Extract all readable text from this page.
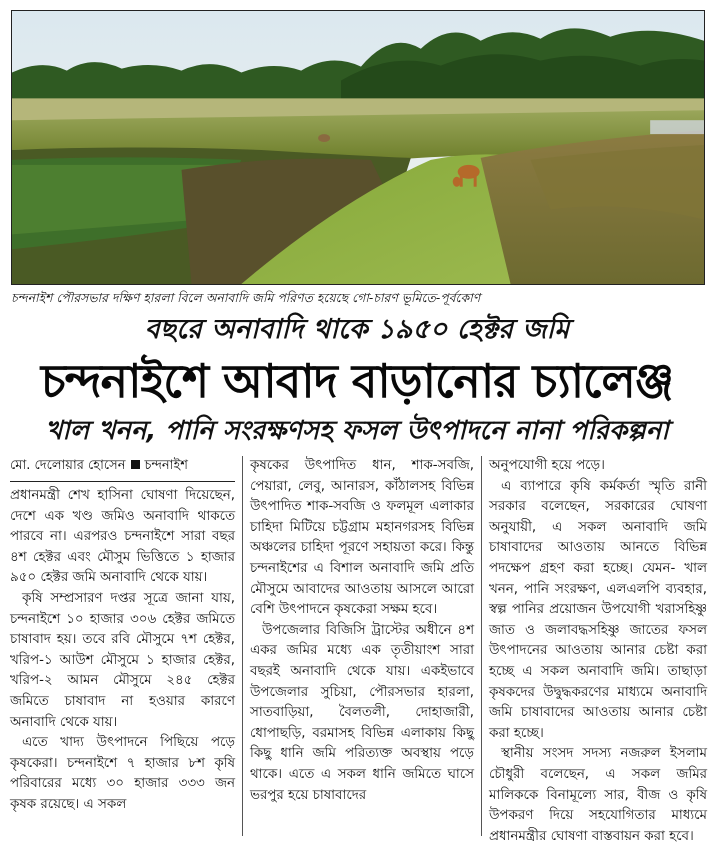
চন্দনাইশ পৌরসভার দক্ষিণ হারলা বিলে অনাবাদি জমি পরিণত হয়েছে গো-চারণ ভূমিতে-পূর্বকোণ
বছরে অনাবাদি থাকে ১৯৫০ হেক্টর জমি
চন্দনাইশে আবাদ বাড়ানোর চ্যালেঞ্জ
খাল খনন, পানি সংরক্ষণসহ ফসল উৎপাদনে নানা পরিকল্পনা
মো. দেলোয়ার হোসেন চন্দনাইশ

প্রধানমন্ত্রী শেখ হাসিনা ঘোষণা দিয়েছেন, দেশে এক খণ্ড জমিও অনাবাদি থাকতে পারবে না। এরপরও চন্দনাইশে সারা বছর ৪শ হেক্টর এবং মৌসুম ভিত্তিতে ১ হাজার ৯৫০ হেক্টর জমি অনাবাদি থেকে যায়।

কৃষি সম্প্রসারণ দপ্তর সূত্রে জানা যায়, চন্দনাইশে ১০ হাজার ৩০৬ হেক্টর জমিতে চাষাবাদ হয়। তবে রবি মৌসুমে ৭শ হেক্টর, খরিপ-১ আউশ মৌসুমে ১ হাজার হেক্টর, খরিপ-২ আমন মৌসুমে ২৪৫ হেক্টর জমিতে চাষাবাদ না হওয়ার কারণে অনাবাদি থেকে যায়।

এতে খাদ্য উৎপাদনে পিছিয়ে পড়ে কৃষকেরা। চন্দনাইশে ৭ হাজার ৮শ কৃষি পরিবারের মধ্যে ৩০ হাজার ৩৩৩ জন কৃষক রয়েছে। এ সকল

কৃষকের উৎপাদিত ধান, শাক-সবজি, পেয়ারা, লেবু, আনারস, কাঁঠালসহ বিভিন্ন উৎপাদিত শাক-সবজি ও ফলমূল এলাকার চাহিদা মিটিয়ে চট্টগ্রাম মহানগরসহ বিভিন্ন অঞ্চলের চাহিদা পূরণে সহায়তা করে। কিন্তু চন্দনাইশের এ বিশাল অনাবাদি জমি প্রতি মৌসুমে আবাদের আওতায় আসলে আরো বেশি উৎপাদনে কৃষকেরা সক্ষম হবে।

উপজেলার বিজিসি ট্রাস্টের অধীনে ৪শ একর জমির মধ্যে এক তৃতীয়াংশ সারা বছরই অনাবাদি থেকে যায়। একইভাবে উপজেলার সুচিয়া, পৌরসভার হারলা, সাতবাড়িয়া, বৈলতলী, দোহাজারী, ধোপাছড়ি, বরমাসহ বিভিন্ন এলাকায় কিছু কিছু ধানি জমি পরিত্যক্ত অবস্থায় পড়ে থাকে। এতে এ সকল ধানি জমিতে ঘাসে ভরপুর হয়ে চাষাবাদের

অনুপযোগী হয়ে পড়ে।

এ ব্যাপারে কৃষি কর্মকর্তা স্মৃতি রানী সরকার বলেছেন, সরকারের ঘোষণা অনুযায়ী, এ সকল অনাবাদি জমি চাষাবাদের আওতায় আনতে বিভিন্ন পদক্ষেপ গ্রহণ করা হচ্ছে। যেমন- খাল খনন, পানি সংরক্ষণ, এলএলপি ব্যবহার, স্বল্প পানির প্রয়োজন উপযোগী খরাসহিষ্ণু জাত ও জলাবদ্ধসহিষ্ণু জাতের ফসল উৎপাদনের আওতায় আনার চেষ্টা করা হচ্ছে এ সকল অনাবাদি জমি। তাছাড়া কৃষকদের উদ্বুদ্ধকরণের মাধ্যমে অনাবাদি জমি চাষাবাদের আওতায় আনার চেষ্টা করা হচ্ছে।

স্থানীয় সংসদ সদস্য নজরুল ইসলাম চৌধুরী বলেছেন, এ সকল জমির মালিককে বিনামূল্যে সার, বীজ ও কৃষি উপকরণ দিয়ে সহযোগিতার মাধ্যমে প্রধানমন্ত্রীর ঘোষণা বাস্তবায়ন করা হবে।
